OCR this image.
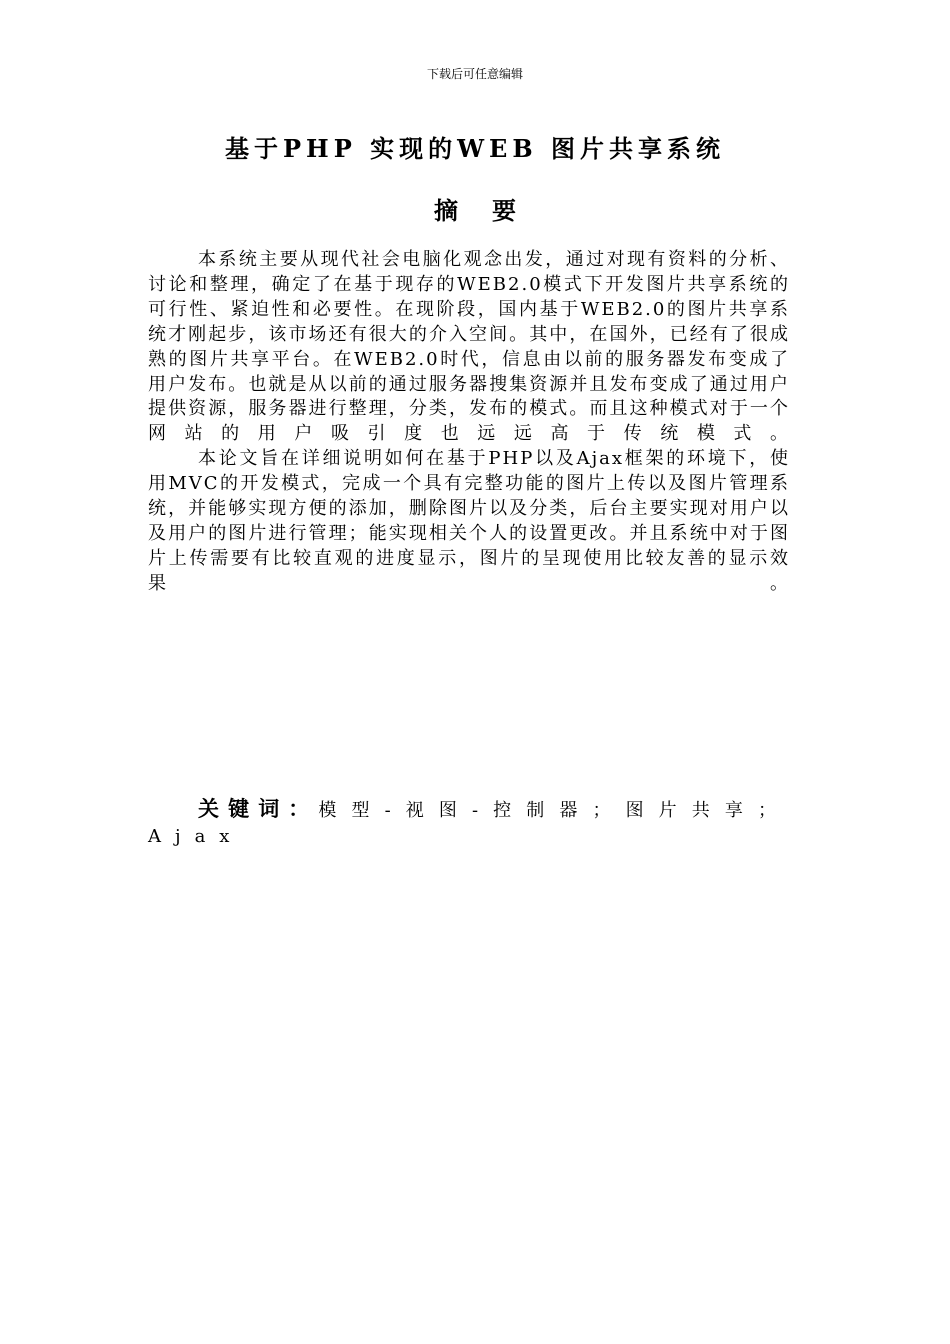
下载后可任意编辑
基于PHP 实现的WEB 图片共享系统
摘要

本系统主要从现代社会电脑化观念出发，通过对现有资料的分析、讨论和整理，确定了在基于现存的WEB2.0模式下开发图片共享系统的可行性、紧迫性和必要性。在现阶段，国内基于WEB2.0的图片共享系统才刚起步，该市场还有很大的介入空间。其中，在国外，已经有了很成熟的图片共享平台。在WEB2.0时代，信息由以前的服务器发布变成了用户发布。也就是从以前的通过服务器搜集资源并且发布变成了通过用户提供资源，服务器进行整理，分类，发布的模式。而且这种模式对于一个网站的用户吸引度也远远高于传统模式。

本论文旨在详细说明如何在基于PHP以及Ajax框架的环境下，使用MVC的开发模式，完成一个具有完整功能的图片上传以及图片管理系统，并能够实现方便的添加，删除图片以及分类，后台主要实现对用户以及用户的图片进行管理；能实现相关个人的设置更改。并且系统中对于图片上传需要有比较直观的进度显示，图片的呈现使用比较友善的显示效果。

关键词：模型-视图-控制器；图片共享；Ajax
